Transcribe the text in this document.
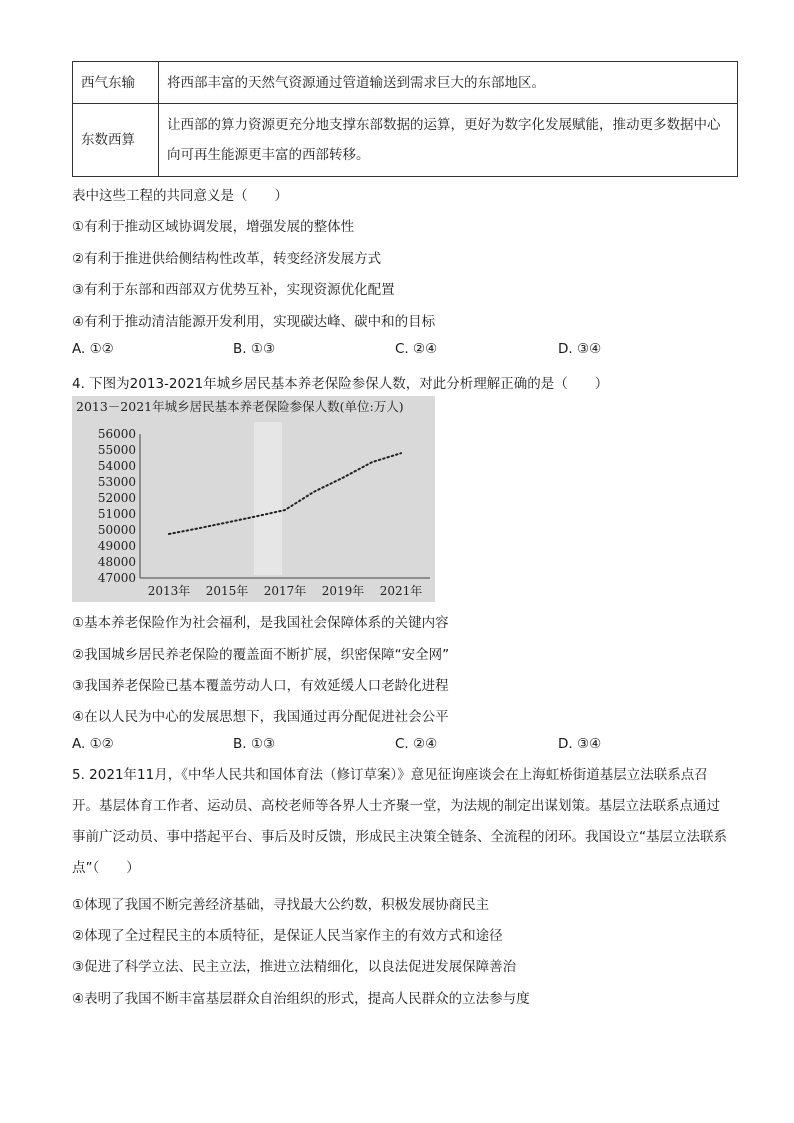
西气东输	将西部丰富的天然气资源通过管道输送到需求巨大的东部地区。
东数西算	让西部的算力资源更充分地支撑东部数据的运算，更好为数字化发展赋能，推动更多数据中心向可再生能源更丰富的西部转移。
表中这些工程的共同意义是（　　）
①有利于推动区域协调发展，增强发展的整体性
②有利于推进供给侧结构性改革，转变经济发展方式
③有利于东部和西部双方优势互补，实现资源优化配置
④有利于推动清洁能源开发利用，实现碳达峰、碳中和的目标
A. ①②	B. ①③	C. ②④	D. ③④
4. 下图为2013-2021年城乡居民基本养老保险参保人数，对此分析理解正确的是（　　）
2013－2021年城乡居民基本养老保险参保人数(单位:万人)
47000
48000
49000
50000
51000
52000
53000
54000
55000
56000
2013年 2015年 2017年 2019年 2021年
①基本养老保险作为社会福利，是我国社会保障体系的关键内容
②我国城乡居民养老保险的覆盖面不断扩展，织密保障“安全网”
③我国养老保险已基本覆盖劳动人口，有效延缓人口老龄化进程
④在以人民为中心的发展思想下，我国通过再分配促进社会公平
A. ①②	B. ①③	C. ②④	D. ③④
5. 2021年11月，《中华人民共和国体育法（修订草案）》意见征询座谈会在上海虹桥街道基层立法联系点召开。基层体育工作者、运动员、高校老师等各界人士齐聚一堂，为法规的制定出谋划策。基层立法联系点通过事前广泛动员、事中搭起平台、事后及时反馈，形成民主决策全链条、全流程的闭环。我国设立“基层立法联系点”（　　）
①体现了我国不断完善经济基础，寻找最大公约数，积极发展协商民主
②体现了全过程民主的本质特征，是保证人民当家作主的有效方式和途径
③促进了科学立法、民主立法，推进立法精细化，以良法促进发展保障善治
④表明了我国不断丰富基层群众自治组织的形式，提高人民群众的立法参与度
